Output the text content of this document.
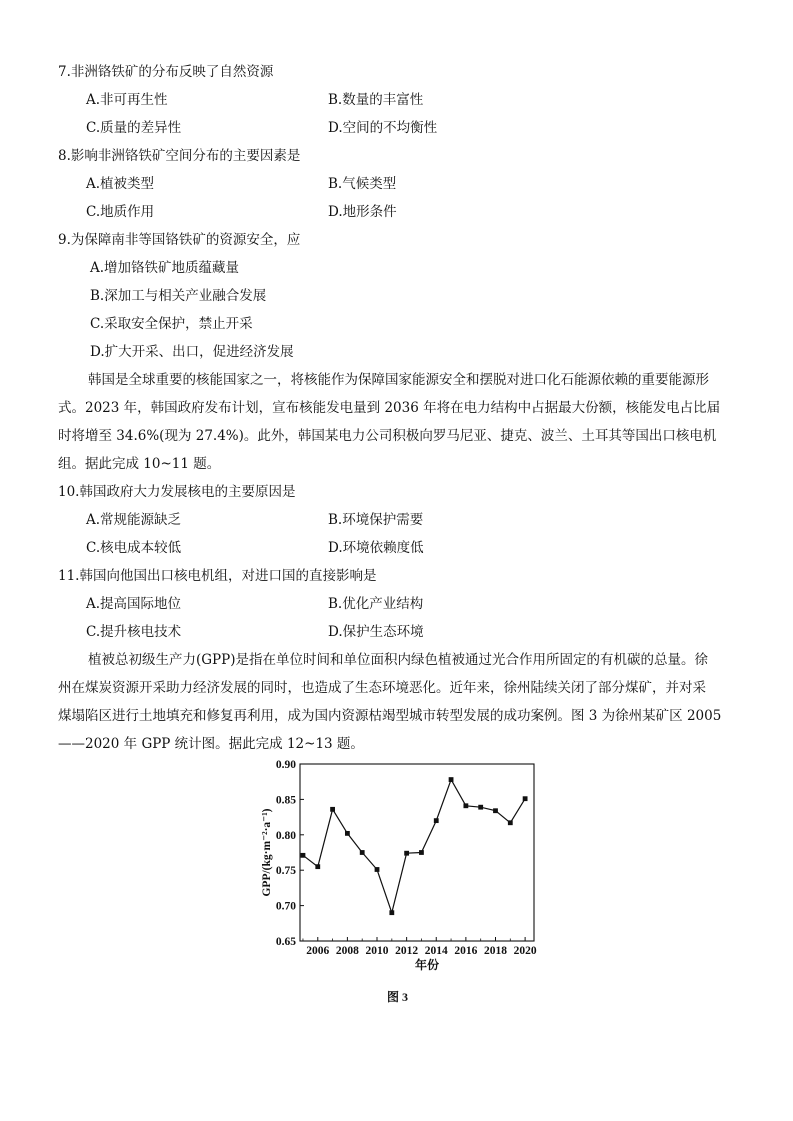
7.非洲铬铁矿的分布反映了自然资源
A.非可再生性	B.数量的丰富性
C.质量的差异性	D.空间的不均衡性
8.影响非洲铬铁矿空间分布的主要因素是
A.植被类型	B.气候类型
C.地质作用	D.地形条件
9.为保障南非等国铬铁矿的资源安全，应
A.增加铬铁矿地质蕴藏量
B.深加工与相关产业融合发展
C.采取安全保护，禁止开采
D.扩大开采、出口，促进经济发展
韩国是全球重要的核能国家之一，将核能作为保障国家能源安全和摆脱对进口化石能源依赖的重要能源形
式。2023 年，韩国政府发布计划，宣布核能发电量到 2036 年将在电力结构中占据最大份额，核能发电占比届
时将增至 34.6%(现为 27.4%)。此外，韩国某电力公司积极向罗马尼亚、捷克、波兰、土耳其等国出口核电机
组。据此完成 10~11 题。
10.韩国政府大力发展核电的主要原因是
A.常规能源缺乏	B.环境保护需要
C.核电成本较低	D.环境依赖度低
11.韩国向他国出口核电机组，对进口国的直接影响是
A.提高国际地位	B.优化产业结构
C.提升核电技术	D.保护生态环境
植被总初级生产力(GPP)是指在单位时间和单位面积内绿色植被通过光合作用所固定的有机碳的总量。徐
州在煤炭资源开采助力经济发展的同时，也造成了生态环境恶化。近年来，徐州陆续关闭了部分煤矿，并对采
煤塌陷区进行土地填充和修复再利用，成为国内资源枯竭型城市转型发展的成功案例。图 3 为徐州某矿区 2005
——2020 年 GPP 统计图。据此完成 12~13 题。
0.65
0.70
0.75
0.80
0.85
0.90
2006 2008 2010 2012 2014 2016 2018 2020
年份
GPP/(kg·m⁻²·a⁻¹)
图 3
